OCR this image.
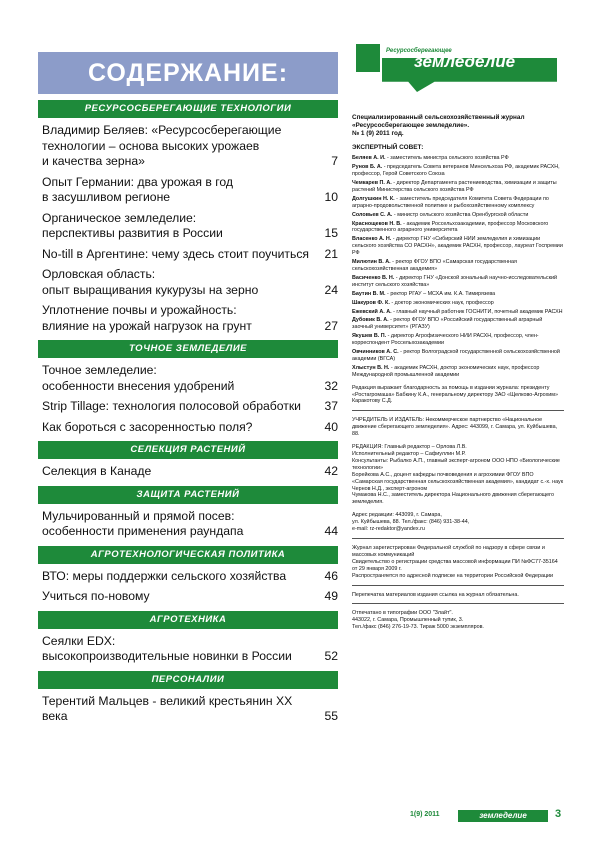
СОДЕРЖАНИЕ:
РЕСУРСОСБЕРЕГАЮЩИЕ ТЕХНОЛОГИИ
Владимир Беляев: «Ресурсосберегающие
технологии – основа высоких урожаев
и качества зерна»	7
Опыт Германии: два урожая в год
в засушливом регионе	10
Органическое земледелие:
перспективы развития в России	15
No-till в Аргентине: чему здесь стоит поучиться	21
Орловская область:
опыт выращивания кукурузы на зерно	24
Уплотнение почвы и урожайность:
влияние на урожай нагрузок на грунт	27
ТОЧНОЕ ЗЕМЛЕДЕЛИЕ
Точное земледелие:
особенности внесения удобрений	32
Strip Tillage: технология полосовой обработки	37
Как бороться с засоренностью поля?	40
СЕЛЕКЦИЯ РАСТЕНИЙ
Селекция в Канаде	42
ЗАЩИТА РАСТЕНИЙ
Мульчированный и прямой посев:
особенности применения раундапа	44
АГРОТЕХНОЛОГИЧЕСКАЯ ПОЛИТИКА
ВТО: меры поддержки сельского хозяйства	46
Учиться по-новому	49
АГРОТЕХНИКА
Сеялки EDX:
высокопроизводительные новинки в России	52
ПЕРСОНАЛИИ
Терентий Мальцев - великий крестьянин XX века	55
Ресурсосберегающее
земледелие
Специализированный сельскохозяйственный журнал
«Ресурсосберегающее земледелие».
№ 1 (9) 2011 год.
ЭКСПЕРТНЫЙ СОВЕТ:
Беляев А. И. - заместитель министра сельского хозяйства РФ
Рунов Б. А. - председатель Совета ветеранов Минсельхоза РФ, академик РАСХН, профессор, Герой Советского Союза
Чемкарев П. А. - директор Департамента растениеводства, химизации и защиты растений Министерства сельского хозяйства РФ
Долгушкин Н. К. - заместитель председателя Комитета Совета Федерации по аграрно-продовольственной политике и рыбохозяйственному комплексу
Соловьев С. А. - министр сельского хозяйства Оренбургской области
Краснощеков Н. В. - академик Россельхозакадемии, профессор Московского государственного аграрного университета
Власенко А. Н. - директор ГНУ «Сибирский НИИ земледелия и химизации сельского хозяйства СО РАСХН», академик РАСХН, профессор, лауреат Госпремии РФ
Милютин В. А. - ректор ФГОУ ВПО «Самарская государственная сельскохозяйственная академия»
Васиченко В. Н. - директор ГНУ «Донской зональный научно-исследовательский институт сельского хозяйства»
Баутин В. М. - ректор РГАУ – МСХА им. К.А. Тимирязева
Шакуров Ф. К. - доктор экономических наук, профессор
Ежевский А. А. - главный научный работник ГОСНИТИ, почетный академик РАСХН
Дубовик В. А. - ректор ФГОУ ВПО «Российский государственный аграрный заочный университет» (РГАЗУ)
Якушев В. П. - директор Агрофизического НИИ РАСХН, профессор, член-корреспондент Россельхозакадемии
Овчинников А. С. - ректор Волгоградской государственной сельскохозяйственной академии (ВГСА)
Хлыстун В. Н. - академик РАСХН, доктор экономических наук, профессор Международной промышленной академии
Редакция выражает благодарность за помощь в издании журнала: президенту «Ростагромаша» Бабкину К.А., генеральному директору ЗАО «Щелково-Агрохим» Каракотову С.Д.
УЧРЕДИТЕЛЬ И ИЗДАТЕЛЬ: Некоммерческое партнерство «Национальное движение сберегающего земледелия». Адрес: 443099, г. Самара, ул. Куйбышева, 88.
РЕДАКЦИЯ: Главный редактор – Орлова Л.В.
Исполнительный редактор – Сафиуллин М.Р.
Консультанты: Рыбалко А.П., главный эксперт-агроном ООО НПО «Биологические технологии»
Борейкова А.С., доцент кафедры почвоведения и агрохимии ФГОУ ВПО «Самарская государственная сельскохозяйственная академия», кандидат с.-х. наук
Чернов Н.Д., эксперт-агроном
Чумакова Н.С., заместитель директора Национального движения сберегающего земледелия.
Адрес редакции: 443099, г. Самара,
ул. Куйбышева, 88. Тел./факс: (846) 931-38-44,
e-mail: rz-redaktor@yandex.ru
Журнал зарегистрирован Федеральной службой по надзору в сфере связи и массовых коммуникаций
Свидетельство о регистрации средства массовой информации ПИ №ФС77-35164 от 29 января 2009 г.
Распространяется по адресной подписке на территории Российской Федерации
Перепечатка материалов издания ссылка на журнал обязательна.
Отпечатано в типографии ООО "Злайт".
443022, г. Самара, Промышленный тупик, 3.
Тел./факс (846) 276-19-73. Тираж 5000 экземпляров.
1(9) 2011	земледелие	3
